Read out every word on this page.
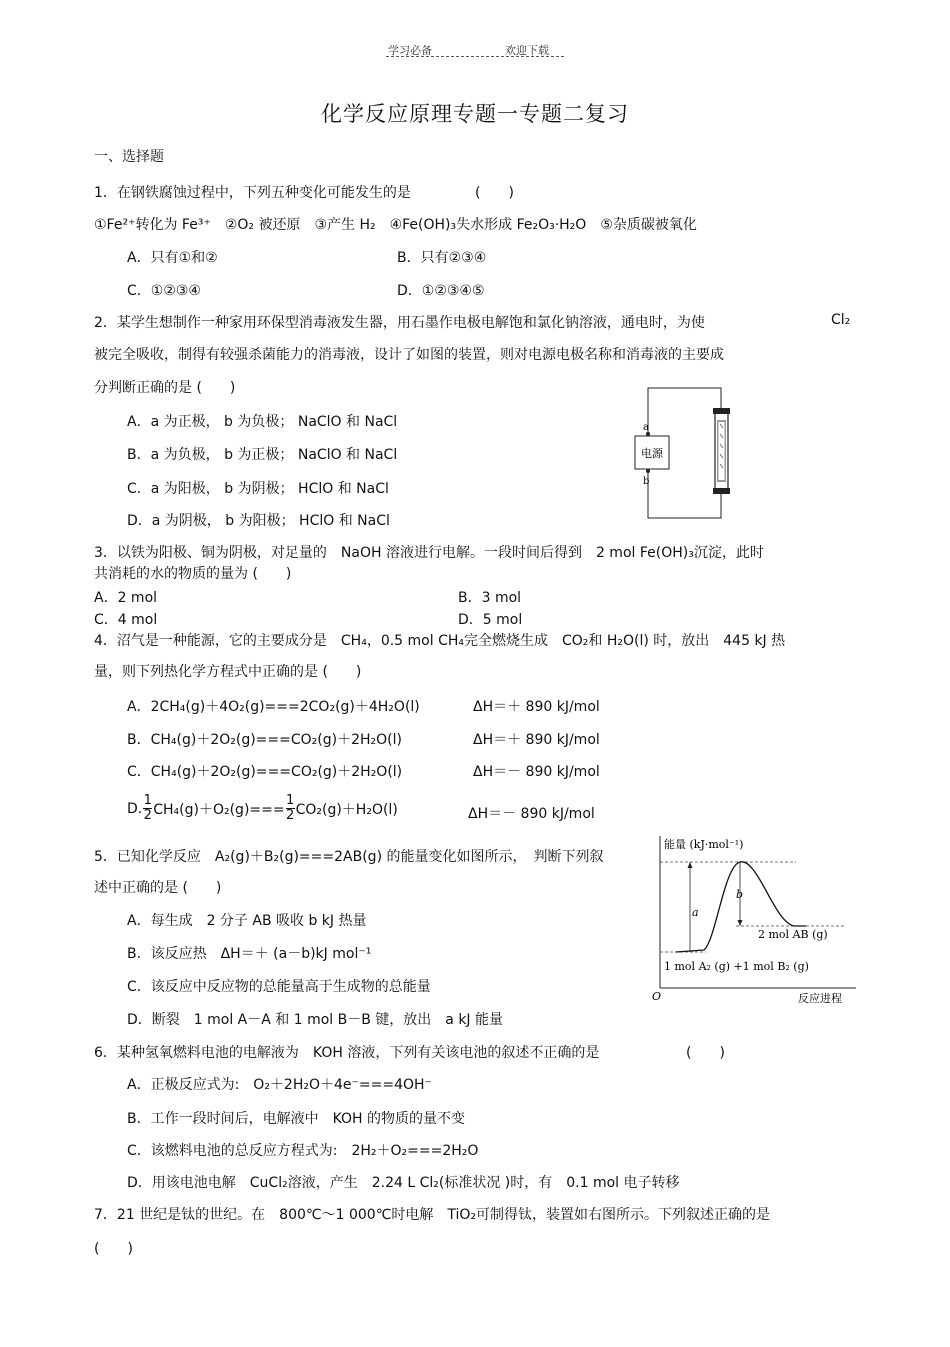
学习必备	欢迎下载
化学反应原理专题一专题二复习
一、选择题
1．在钢铁腐蚀过程中，下列五种变化可能发生的是	(　　)
①Fe²⁺转化为 Fe³⁺　②O₂ 被还原　③产生 H₂　④Fe(OH)₃失水形成 Fe₂O₃·H₂O　⑤杂质碳被氧化
A．只有①和②	B．只有②③④
C．①②③④	D．①②③④⑤
2．某学生想制作一种家用环保型消毒液发生器，用石墨作电极电解饱和氯化钠溶液，通电时，为使	Cl₂
被完全吸收，制得有较强杀菌能力的消毒液，设计了如图的装置，则对电源电极名称和消毒液的主要成
分判断正确的是 (　　)
A．a 为正极， b 为负极； NaClO 和 NaCl
B．a 为负极， b 为正极； NaClO 和 NaCl
C．a 为阳极， b 为阴极； HClO 和 NaCl
D．a 为阴极， b 为阳极； HClO 和 NaCl
电源
a
b
3．以铁为阳极、铜为阴极，对足量的　NaOH 溶液进行电解。一段时间后得到　2 mol Fe(OH)₃沉淀，此时
共消耗的水的物质的量为 (　　)
A．2 mol	B．3 mol
C．4 mol	D．5 mol
4．沼气是一种能源，它的主要成分是　CH₄，0.5 mol CH₄完全燃烧生成　CO₂和 H₂O(l) 时，放出　445 kJ 热
量，则下列热化学方程式中正确的是 (　　)
A．2CH₄(g)＋4O₂(g)===2CO₂(g)＋4H₂O(l)	ΔH＝＋ 890 kJ/mol
B．CH₄(g)＋2O₂(g)===CO₂(g)＋2H₂O(l)	ΔH＝＋ 890 kJ/mol
C．CH₄(g)＋2O₂(g)===CO₂(g)＋2H₂O(l)	ΔH＝－ 890 kJ/mol
D. 1
2 CH₄(g)＋O₂(g)===
1
2 CO₂(g)＋H₂O(l)	ΔH＝－ 890 kJ/mol
5．已知化学反应　A₂(g)＋B₂(g)===2AB(g) 的能量变化如图所示，　判断下列叙
述中正确的是 (　　)
A．每生成　2 分子 AB 吸收 b kJ 热量
B．该反应热　ΔH＝＋ (a－b)kJ mol⁻¹
C．该反应中反应物的总能量高于生成物的总能量
D．断裂　1 mol A－A 和 1 mol B－B 键，放出　a kJ 能量
能量 (kJ·mol⁻¹)
反应进程
O
a
b
2 mol AB (g)
1 mol A₂ (g) +1 mol B₂ (g)
6．某种氢氧燃料电池的电解液为　KOH 溶液，下列有关该电池的叙述不正确的是	(　　)
A．正极反应式为:　O₂＋2H₂O＋4e⁻===4OH⁻
B．工作一段时间后，电解液中　KOH 的物质的量不变
C．该燃料电池的总反应方程式为:　2H₂＋O₂===2H₂O
D．用该电池电解　CuCl₂溶液，产生　2.24 L Cl₂(标准状况 )时，有　0.1 mol 电子转移
7．21 世纪是钛的世纪。在　800℃～1 000℃时电解　TiO₂可制得钛，装置如右图所示。下列叙述正确的是
(　　)
